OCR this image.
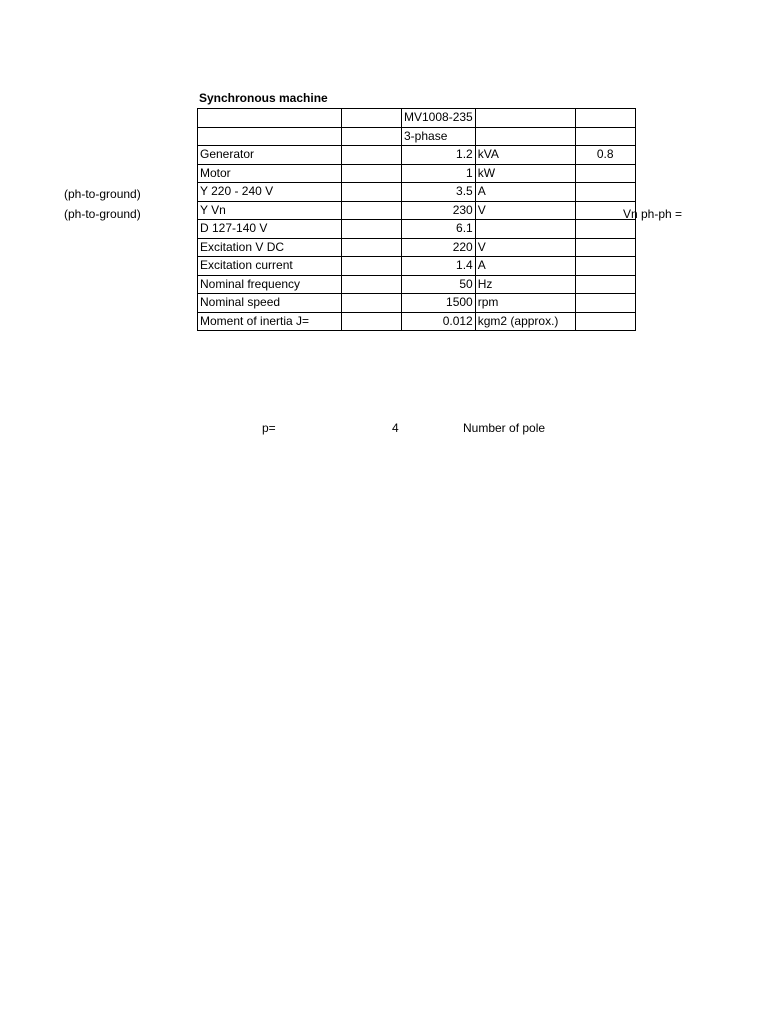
Synchronous machine
(ph-to-ground)
(ph-to-ground)	Vn ph-ph =
		MV1008-235		
		3-phase		
Generator		1.2	kVA	0.8
Motor		1	kW	
Y 220 - 240 V		3.5	A	
Y Vn		230	V	
D 127-140 V		6.1		
Excitation V DC		220	V	
Excitation current		1.4	A	
Nominal frequency		50	Hz	
Nominal speed		1500	rpm	
Moment of inertia J=		0.012	kgm2 (approx.)	
p=	4	Number of pole
